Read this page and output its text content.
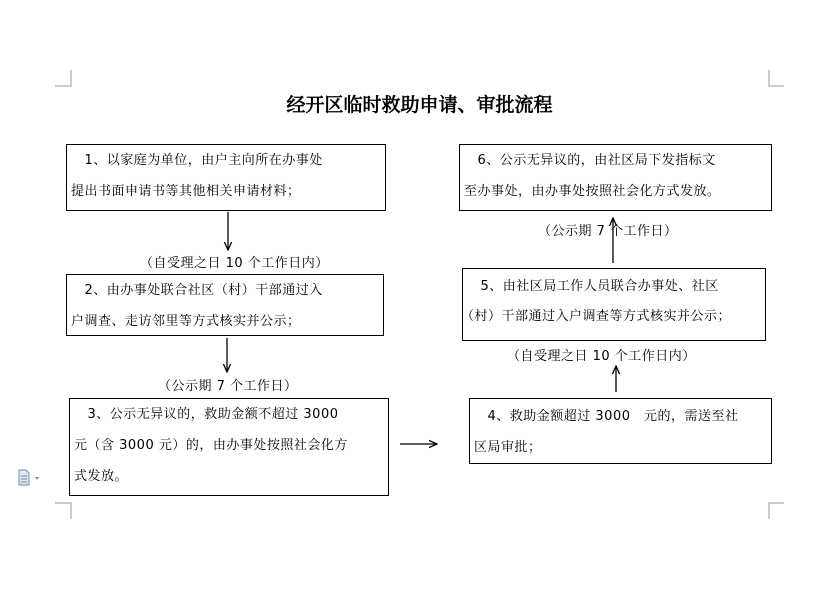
经开区临时救助申请、审批流程
　1、以家庭为单位，由户主向所在办事处
提出书面申请书等其他相关申请材料；
（自受理之日 10 个工作日内）
　2、由办事处联合社区（村）干部通过入
户调查、走访邻里等方式核实并公示；
（公示期 7 个工作日）
　3、公示无异议的，救助金额不超过 3000
元（含 3000 元）的，由办事处按照社会化方
式发放。
　6、公示无异议的，由社区局下发指标文
至办事处，由办事处按照社会化方式发放。
（公示期 7 个工作日）
　5、由社区局工作人员联合办事处、社区
（村）干部通过入户调查等方式核实并公示；
（自受理之日 10 个工作日内）
　4、救助金额超过 3000　元的，需送至社
区局审批；
